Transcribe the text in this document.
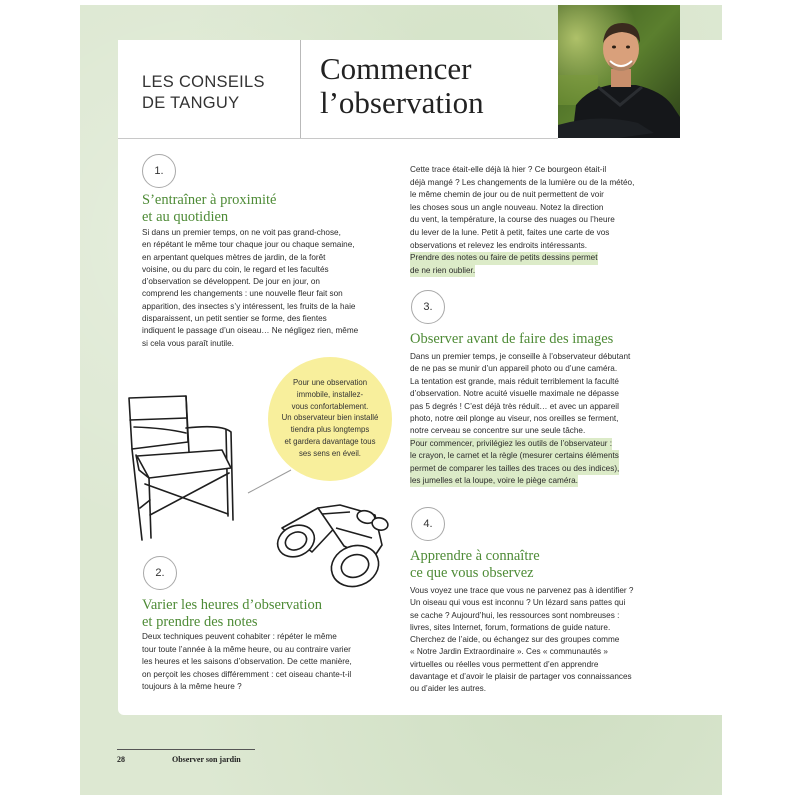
LES CONSEILS
DE TANGUY
Commencer
l’observation
1.
S’entraîner à proximité
et au quotidien
Si dans un premier temps, on ne voit pas grand-chose,
en répétant le même tour chaque jour ou chaque semaine,
en arpentant quelques mètres de jardin, de la forêt
voisine, ou du parc du coin, le regard et les facultés
d’observation se développent. De jour en jour, on
comprend les changements : une nouvelle fleur fait son
apparition, des insectes s’y intéressent, les fruits de la haie
disparaissent, un petit sentier se forme, des fientes
indiquent le passage d’un oiseau… Ne négligez rien, même
si cela vous paraît inutile.
Pour une observation
immobile, installez-
vous confortablement.
Un observateur bien installé
tiendra plus longtemps
et gardera davantage tous
ses sens en éveil.
2.
Varier les heures d’observation
et prendre des notes
Deux techniques peuvent cohabiter : répéter le même
tour toute l’année à la même heure, ou au contraire varier
les heures et les saisons d’observation. De cette manière,
on perçoit les choses différemment : cet oiseau chante-t-il
toujours à la même heure ?
Cette trace était-elle déjà là hier ? Ce bourgeon était-il
déjà mangé ? Les changements de la lumière ou de la météo,
le même chemin de jour ou de nuit permettent de voir
les choses sous un angle nouveau. Notez la direction
du vent, la température, la course des nuages ou l’heure
du lever de la lune. Petit à petit, faites une carte de vos
observations et relevez les endroits intéressants.
Prendre des notes ou faire de petits dessins permet
de ne rien oublier.
3.
Observer avant de faire des images
Dans un premier temps, je conseille à l’observateur débutant
de ne pas se munir d’un appareil photo ou d’une caméra.
La tentation est grande, mais réduit terriblement la faculté
d’observation. Notre acuité visuelle maximale ne dépasse
pas 5 degrés ! C’est déjà très réduit… et avec un appareil
photo, notre œil plonge au viseur, nos oreilles se ferment,
notre cerveau se concentre sur une seule tâche.
Pour commencer, privilégiez les outils de l’observateur :
le crayon, le carnet et la règle (mesurer certains éléments
permet de comparer les tailles des traces ou des indices),
les jumelles et la loupe, voire le piège caméra.
4.
Apprendre à connaître
ce que vous observez
Vous voyez une trace que vous ne parvenez pas à identifier ?
Un oiseau qui vous est inconnu ? Un lézard sans pattes qui
se cache ? Aujourd’hui, les ressources sont nombreuses :
livres, sites Internet, forum, formations de guide nature.
Cherchez de l’aide, ou échangez sur des groupes comme
« Notre Jardin Extraordinaire ». Ces « communautés »
virtuelles ou réelles vous permettent d’en apprendre
davantage et d’avoir le plaisir de partager vos connaissances
ou d’aider les autres.
28	Observer son jardin
